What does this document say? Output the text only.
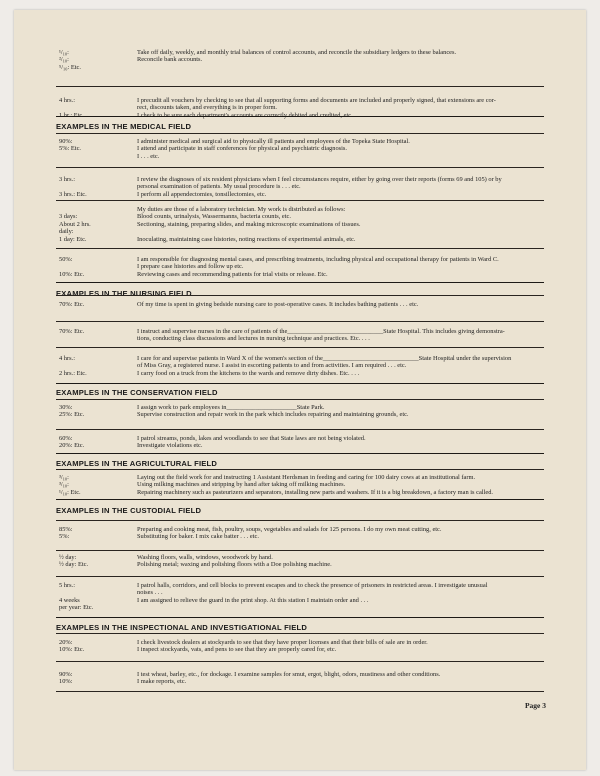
¹/₁₀:	Take off daily, weekly, and monthly trial balances of control accounts, and reconcile the subsidiary ledgers to these balances.
²/₁₀:	Reconcile bank accounts.
⁵/₁₀: Etc.
4 hrs.:	I precudit all vouchers by checking to see that all supporting forms and documents are included and properly signed, that extensions are cor-
rect, discounts taken, and everything is in proper form.
1 hr.: Etc.	I check to be sure each department's accounts are correctly debited and credited, etc.
EXAMPLES IN THE MEDICAL FIELD
90%:	I administer medical and surgical aid to physically ill patients and employees of the Topeka State Hospital.
5%: Etc.	I attend and participate in staff conferences for physical and psychiatric diagnosis.
I . . . etc.
3 hrs.:	I review the diagnoses of six resident physicians when I feel circumstances require, either by going over their reports (forms 69 and 105) or by
personal examination of patients. My usual procedure is . . . etc.
3 hrs.: Etc.	I perform all appendectomies, tonsillectomies, etc.
My duties are those of a laboratory technician. My work is distributed as follows:
3 days:	Blood counts, urinalysis, Wassermanns, bacteria counts, etc.
About 2 hrs.	Sectioning, staining, preparing slides, and making microscopic examinations of tissues.
daily:
1 day: Etc.	Inoculating, maintaining case histories, noting reactions of experimental animals, etc.
50%:	I am responsible for diagnosing mental cases, and prescribing treatments, including physical and occupational therapy for patients in Ward C.
I prepare case histories and follow up etc.
10%: Etc.	Reviewing cases and recommending patients for trial visits or release. Etc.
EXAMPLES IN THE NURSING FIELD
70%: Etc.	Of my time is spent in giving bedside nursing care to post-operative cases. It includes bathing patients . . . etc.
70%: Etc.	I instruct and supervise nurses in the care of patients of the______________________________State Hospital. This includes giving demonstra-
tions, conducting class discussions and lectures in nursing technique and practices. Etc. . . .
4 hrs.:	I care for and supervise patients in Ward X of the women's section of the______________________________State Hospital under the supervision
of Miss Gray, a registered nurse. I assist in escorting patients to and from activities. I am required . . . etc.
2 hrs.: Etc.	I carry food on a truck from the kitchens to the wards and remove dirty dishes. Etc. . . .
EXAMPLES IN THE CONSERVATION FIELD
30%:	I assign work to park employees in______________________State Park.
25%: Etc.	Supervise construction and repair work in the park which includes repairing and maintaining grounds, etc.
60%:	I patrol streams, ponds, lakes and woodlands to see that State laws are not being violated.
20%: Etc.	Investigate violations etc.
EXAMPLES IN THE AGRICULTURAL FIELD
³/₁₀:	Laying out the field work for and instructing 1 Assistant Herdsman in feeding and caring for 100 dairy cows at an institutional farm.
³/₁₀:	Using milking machines and stripping by hand after taking off milking machines.
¹/₁₀: Etc.	Repairing machinery such as pasteurizers and separators, installing new parts and washers. If it is a big breakdown, a factory man is called.
EXAMPLES IN THE CUSTODIAL FIELD
85%:	Preparing and cooking meat, fish, poultry, soups, vegetables and salads for 125 persons. I do my own meat cutting, etc.
5%:	Substituting for baker. I mix cake batter . . . etc.
½ day:	Washing floors, walls, windows, woodwork by hand.
½ day: Etc.	Polishing metal; waxing and polishing floors with a Doe polishing machine.
5 hrs.:	I patrol halls, corridors, and cell blocks to prevent escapes and to check the presence of prisoners in restricted areas. I investigate unusual
noises . . .
4 weeks	I am assigned to relieve the guard in the print shop. At this station I maintain order and . . .
per year: Etc.
EXAMPLES IN THE INSPECTIONAL AND INVESTIGATIONAL FIELD
20%:	I check livestock dealers at stockyards to see that they have proper licenses and that their bills of sale are in order.
10%: Etc.	I inspect stockyards, vats, and pens to see that they are properly cared for, etc.
90%:	I test wheat, barley, etc., for dockage. I examine samples for smut, ergot, blight, odors, mustiness and other conditions.
10%:	I make reports, etc.
Page 3
